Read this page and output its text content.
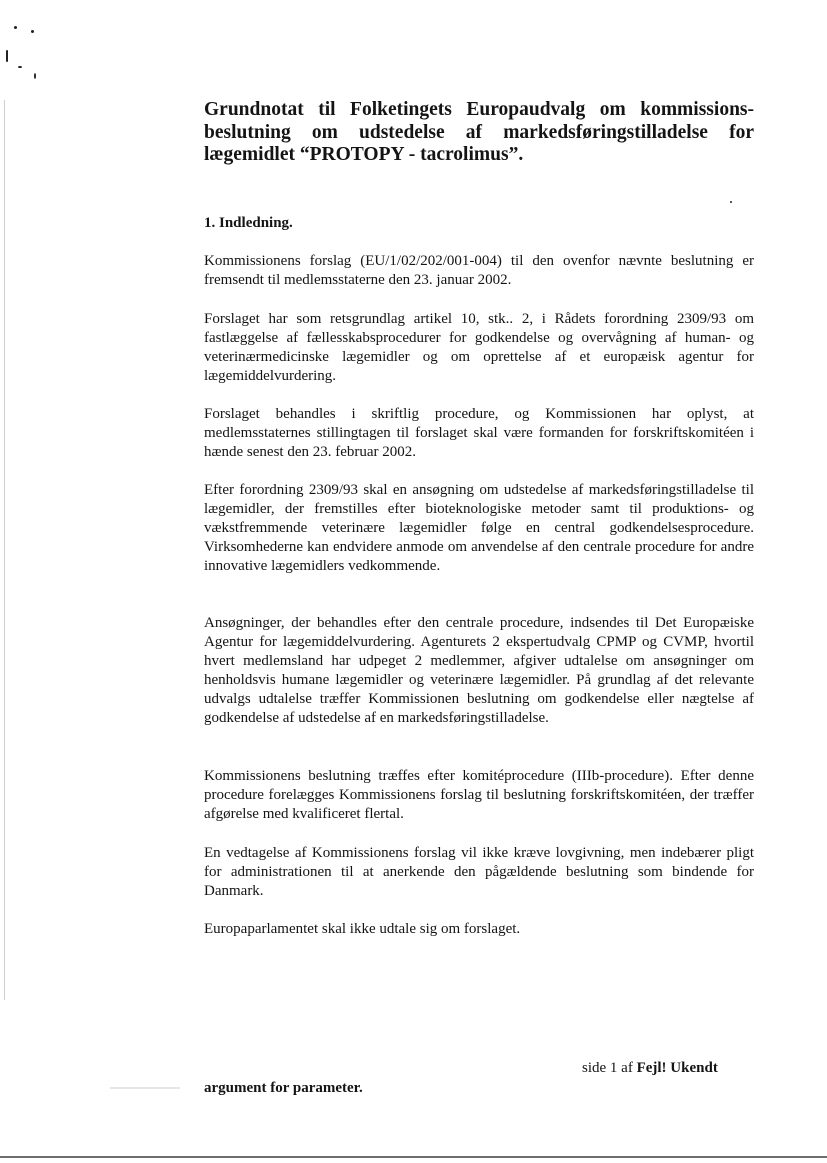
Grundnotat til Folketingets Europaudvalg om kommissions-beslutning om udstedelse af markedsføringstilladelse for lægemidlet “PROTOPY - tacrolimus”.
1. Indledning.

Kommissionens forslag (EU/1/02/202/001-004) til den ovenfor nævnte beslutning er fremsendt til medlemsstaterne den 23. januar 2002.

Forslaget har som retsgrundlag artikel 10, stk.. 2, i Rådets forordning 2309/93 om fastlæggelse af fællesskabsprocedurer for godkendelse og overvågning af human- og veterinærmedicinske lægemidler og om oprettelse af et europæisk agentur for lægemiddelvurdering.

Forslaget behandles i skriftlig procedure, og Kommissionen har oplyst, at medlemsstaternes stillingtagen til forslaget skal være formanden for forskriftskomitéen i hænde senest den 23. februar 2002.

Efter forordning 2309/93 skal en ansøgning om udstedelse af markedsføringstilladelse til lægemidler, der fremstilles efter bioteknologiske metoder samt til produktions- og vækstfremmende veterinære lægemidler følge en central godkendelsesprocedure. Virksomhederne kan endvidere anmode om anvendelse af den centrale procedure for andre innovative lægemidlers vedkommende.

Ansøgninger, der behandles efter den centrale procedure, indsendes til Det Europæiske Agentur for lægemiddelvurdering. Agenturets 2 ekspertudvalg CPMP og CVMP, hvortil hvert medlemsland har udpeget 2 medlemmer, afgiver udtalelse om ansøgninger om henholdsvis humane lægemidler og veterinære lægemidler. På grundlag af det relevante udvalgs udtalelse træffer Kommissionen beslutning om godkendelse eller nægtelse af godkendelse af udstedelse af en markedsføringstilladelse.

Kommissionens beslutning træffes efter komitéprocedure (IIIb-procedure). Efter denne procedure forelægges Kommissionens forslag til beslutning forskriftskomitéen, der træffer afgørelse med kvalificeret flertal.

En vedtagelse af Kommissionens forslag vil ikke kræve lovgivning, men indebærer pligt for administrationen til at anerkende den pågældende beslutning som bindende for Danmark.

Europaparlamentet skal ikke udtale sig om forslaget.

side 1 af Fejl! Ukendt
argument for parameter.
